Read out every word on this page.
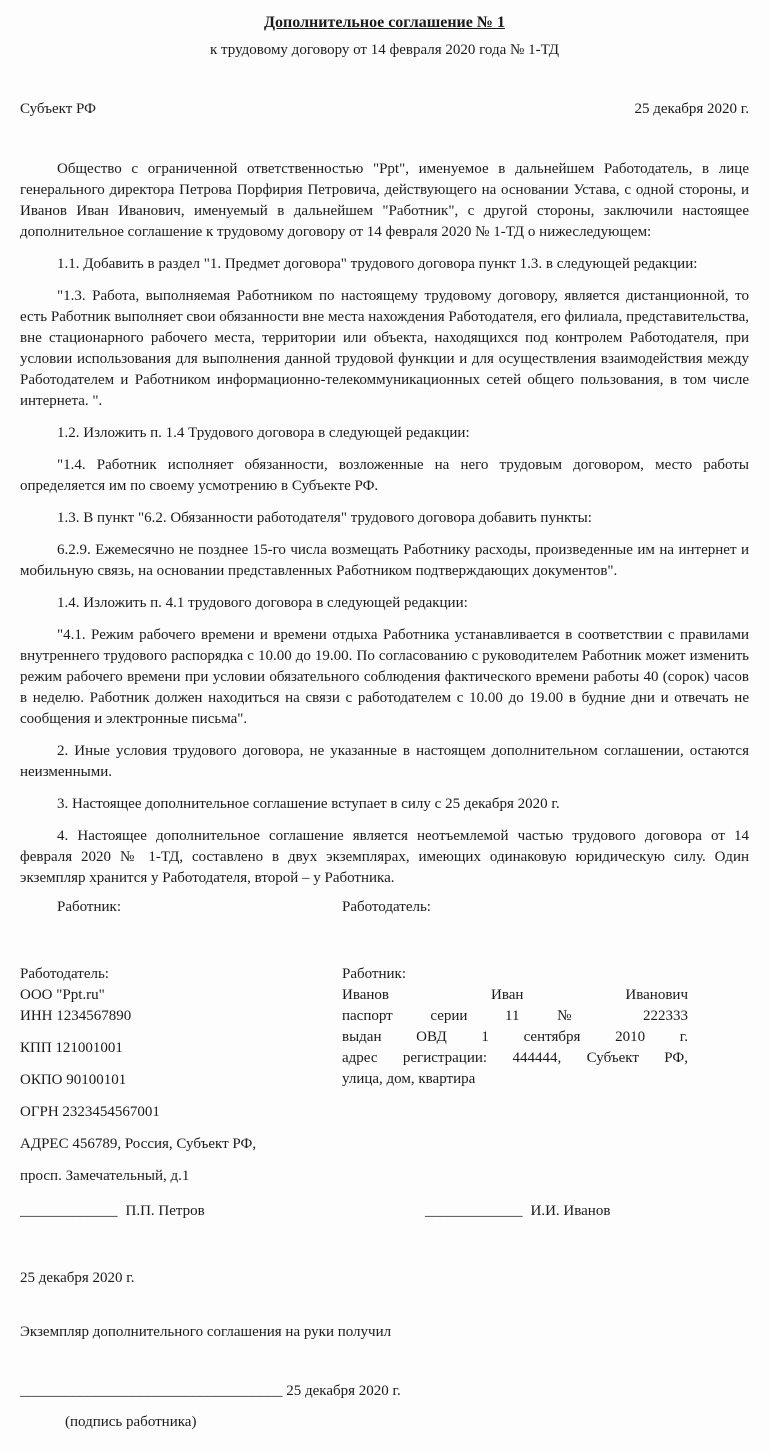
Дополнительное соглашение № 1
к трудовому договору от 14 февраля 2020 года № 1-ТД
Субъект РФ	25 декабря 2020 г.

Общество с ограниченной ответственностью "Ppt", именуемое в дальнейшем Работодатель, в лице генерального директора Петрова Порфирия Петровича, действующего на основании Устава, с одной стороны, и Иванов Иван Иванович, именуемый в дальнейшем "Работник", с другой стороны, заключили настоящее дополнительное соглашение к трудовому договору от 14 февраля 2020 № 1-ТД о нижеследующем:

1.1. Добавить в раздел "1. Предмет договора" трудового договора пункт 1.3. в следующей редакции:

"1.3. Работа, выполняемая Работником по настоящему трудовому договору, является дистанционной, то есть Работник выполняет свои обязанности вне места нахождения Работодателя, его филиала, представительства, вне стационарного рабочего места, территории или объекта, находящихся под контролем Работодателя, при условии использования для выполнения данной трудовой функции и для осуществления взаимодействия между Работодателем и Работником информационно-телекоммуникационных сетей общего пользования, в том числе интернета. ".

1.2. Изложить п. 1.4 Трудового договора в следующей редакции:

"1.4. Работник исполняет обязанности, возложенные на него трудовым договором, место работы определяется им по своему усмотрению в Субъекте РФ.

1.3. В пункт "6.2. Обязанности работодателя" трудового договора добавить пункты:

6.2.9. Ежемесячно не позднее 15-го числа возмещать Работнику расходы, произведенные им на интернет и мобильную связь, на основании представленных Работником подтверждающих документов".

1.4. Изложить п. 4.1 трудового договора в следующей редакции:

"4.1. Режим рабочего времени и времени отдыха Работника устанавливается в соответствии с правилами внутреннего трудового распорядка с 10.00 до 19.00. По согласованию с руководителем Работник может изменить режим рабочего времени при условии обязательного соблюдения фактического времени работы 40 (сорок) часов в неделю. Работник должен находиться на связи с работодателем с 10.00 до 19.00 в будние дни и отвечать не сообщения и электронные письма".

2. Иные условия трудового договора, не указанные в настоящем дополнительном соглашении, остаются неизменными.

3. Настоящее дополнительное соглашение вступает в силу с 25 декабря 2020 г.

4. Настоящее дополнительное соглашение является неотъемлемой частью трудового договора от 14 февраля 2020 № 1-ТД, составлено в двух экземплярах, имеющих одинаковую юридическую силу. Один экземпляр хранится у Работодателя, второй – у Работника.

Работник:	Работодатель:
Работодатель:
ООО "Ppt.ru"
ИНН 1234567890
КПП 121001001
ОКПО 90100101
ОГРН 2323454567001
АДРЕС 456789, Россия, Субъект РФ,
просп. Замечательный, д.1
Работник:
Иванов Иван Иванович
паспорт серии 11 № 222333
выдан ОВД 1 сентября 2010 г.
адрес регистрации: 444444, Субъект РФ,
улица, дом, квартира
_____________ П.П. Петров	_____________ И.И. Иванов
25 декабря 2020 г.
Экземпляр дополнительного соглашения на руки получил
___________________________________ 25 декабря 2020 г.
(подпись работника)
